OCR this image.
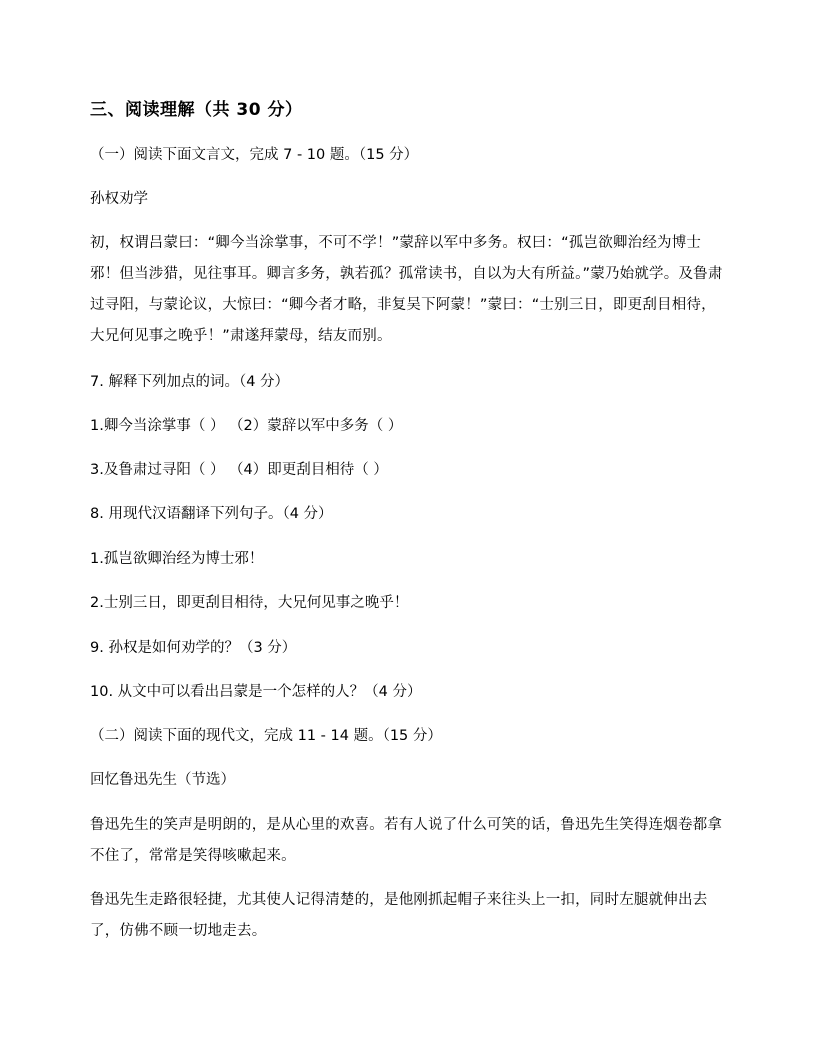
三、阅读理解（共 30 分）
（一）阅读下面文言文，完成 7 - 10 题。（15 分）
孙权劝学
初，权谓吕蒙曰：“卿今当涂掌事，不可不学！”蒙辞以军中多务。权曰：“孤岂欲卿治经为博士邪！但当涉猎，见往事耳。卿言多务，孰若孤？孤常读书，自以为大有所益。”蒙乃始就学。及鲁肃过寻阳，与蒙论议，大惊曰：“卿今者才略，非复吴下阿蒙！”蒙曰：“士别三日，即更刮目相待，大兄何见事之晚乎！”肃遂拜蒙母，结友而别。
7. 解释下列加点的词。（4 分）
1.卿今当涂掌事（ ） （2）蒙辞以军中多务（ ）
3.及鲁肃过寻阳（ ） （4）即更刮目相待（ ）
8. 用现代汉语翻译下列句子。（4 分）
1.孤岂欲卿治经为博士邪！
2.士别三日，即更刮目相待，大兄何见事之晚乎！
9. 孙权是如何劝学的？（3 分）
10. 从文中可以看出吕蒙是一个怎样的人？（4 分）
（二）阅读下面的现代文，完成 11 - 14 题。（15 分）
回忆鲁迅先生（节选）
鲁迅先生的笑声是明朗的，是从心里的欢喜。若有人说了什么可笑的话，鲁迅先生笑得连烟卷都拿不住了，常常是笑得咳嗽起来。
鲁迅先生走路很轻捷，尤其使人记得清楚的，是他刚抓起帽子来往头上一扣，同时左腿就伸出去了，仿佛不顾一切地走去。
